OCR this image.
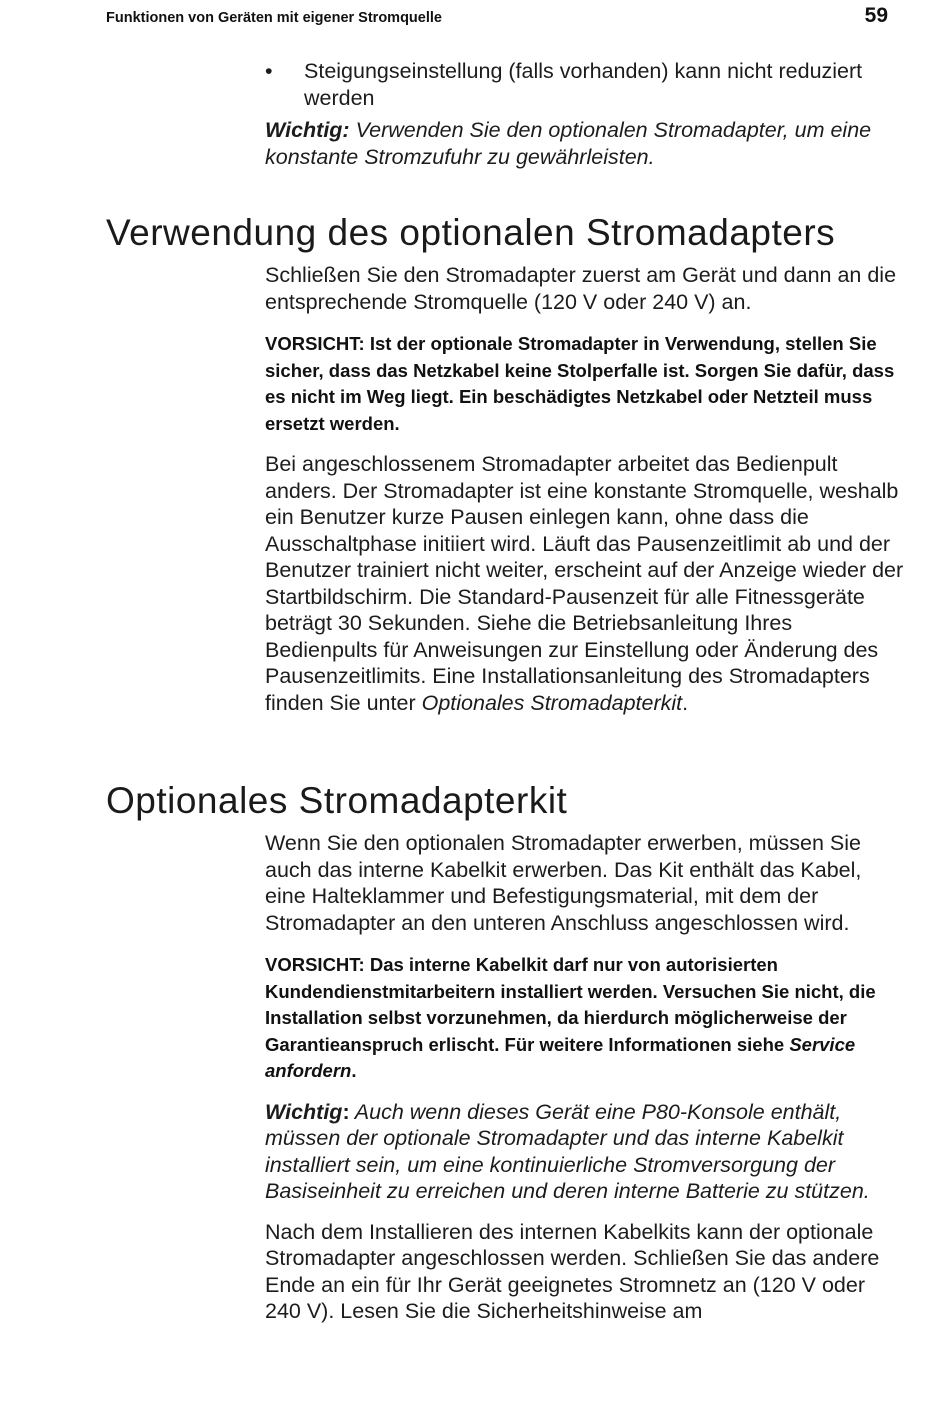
Funktionen von Geräten mit eigener Stromquelle	59
• Steigungseinstellung (falls vorhanden) kann nicht reduziert werden

Wichtig: Verwenden Sie den optionalen Stromadapter, um eine konstante Stromzufuhr zu gewährleisten.

Verwendung des optionalen Stromadapters

Schließen Sie den Stromadapter zuerst am Gerät und dann an die entsprechende Stromquelle (120 V oder 240 V) an.

VORSICHT: Ist der optionale Stromadapter in Verwendung, stellen Sie sicher, dass das Netzkabel keine Stolperfalle ist. Sorgen Sie dafür, dass es nicht im Weg liegt. Ein beschädigtes Netzkabel oder Netzteil muss ersetzt werden.

Bei angeschlossenem Stromadapter arbeitet das Bedienpult anders. Der Stromadapter ist eine konstante Stromquelle, weshalb ein Benutzer kurze Pausen einlegen kann, ohne dass die Ausschaltphase initiiert wird. Läuft das Pausenzeitlimit ab und der Benutzer trainiert nicht weiter, erscheint auf der Anzeige wieder der Startbildschirm. Die Standard-Pausenzeit für alle Fitnessgeräte beträgt 30 Sekunden. Siehe die Betriebsanleitung Ihres Bedienpults für Anweisungen zur Einstellung oder Änderung des Pausenzeitlimits. Eine Installationsanleitung des Stromadapters finden Sie unter Optionales Stromadapterkit.

Optionales Stromadapterkit

Wenn Sie den optionalen Stromadapter erwerben, müssen Sie auch das interne Kabelkit erwerben. Das Kit enthält das Kabel, eine Halteklammer und Befestigungsmaterial, mit dem der Stromadapter an den unteren Anschluss angeschlossen wird.

VORSICHT: Das interne Kabelkit darf nur von autorisierten Kundendienstmitarbeitern installiert werden. Versuchen Sie nicht, die Installation selbst vorzunehmen, da hierdurch möglicherweise der Garantieanspruch erlischt. Für weitere Informationen siehe Service anfordern.

Wichtig: Auch wenn dieses Gerät eine P80-Konsole enthält, müssen der optionale Stromadapter und das interne Kabelkit installiert sein, um eine kontinuierliche Stromversorgung der Basiseinheit zu erreichen und deren interne Batterie zu stützen.

Nach dem Installieren des internen Kabelkits kann der optionale Stromadapter angeschlossen werden. Schließen Sie das andere Ende an ein für Ihr Gerät geeignetes Stromnetz an (120 V oder 240 V). Lesen Sie die Sicherheitshinweise am
